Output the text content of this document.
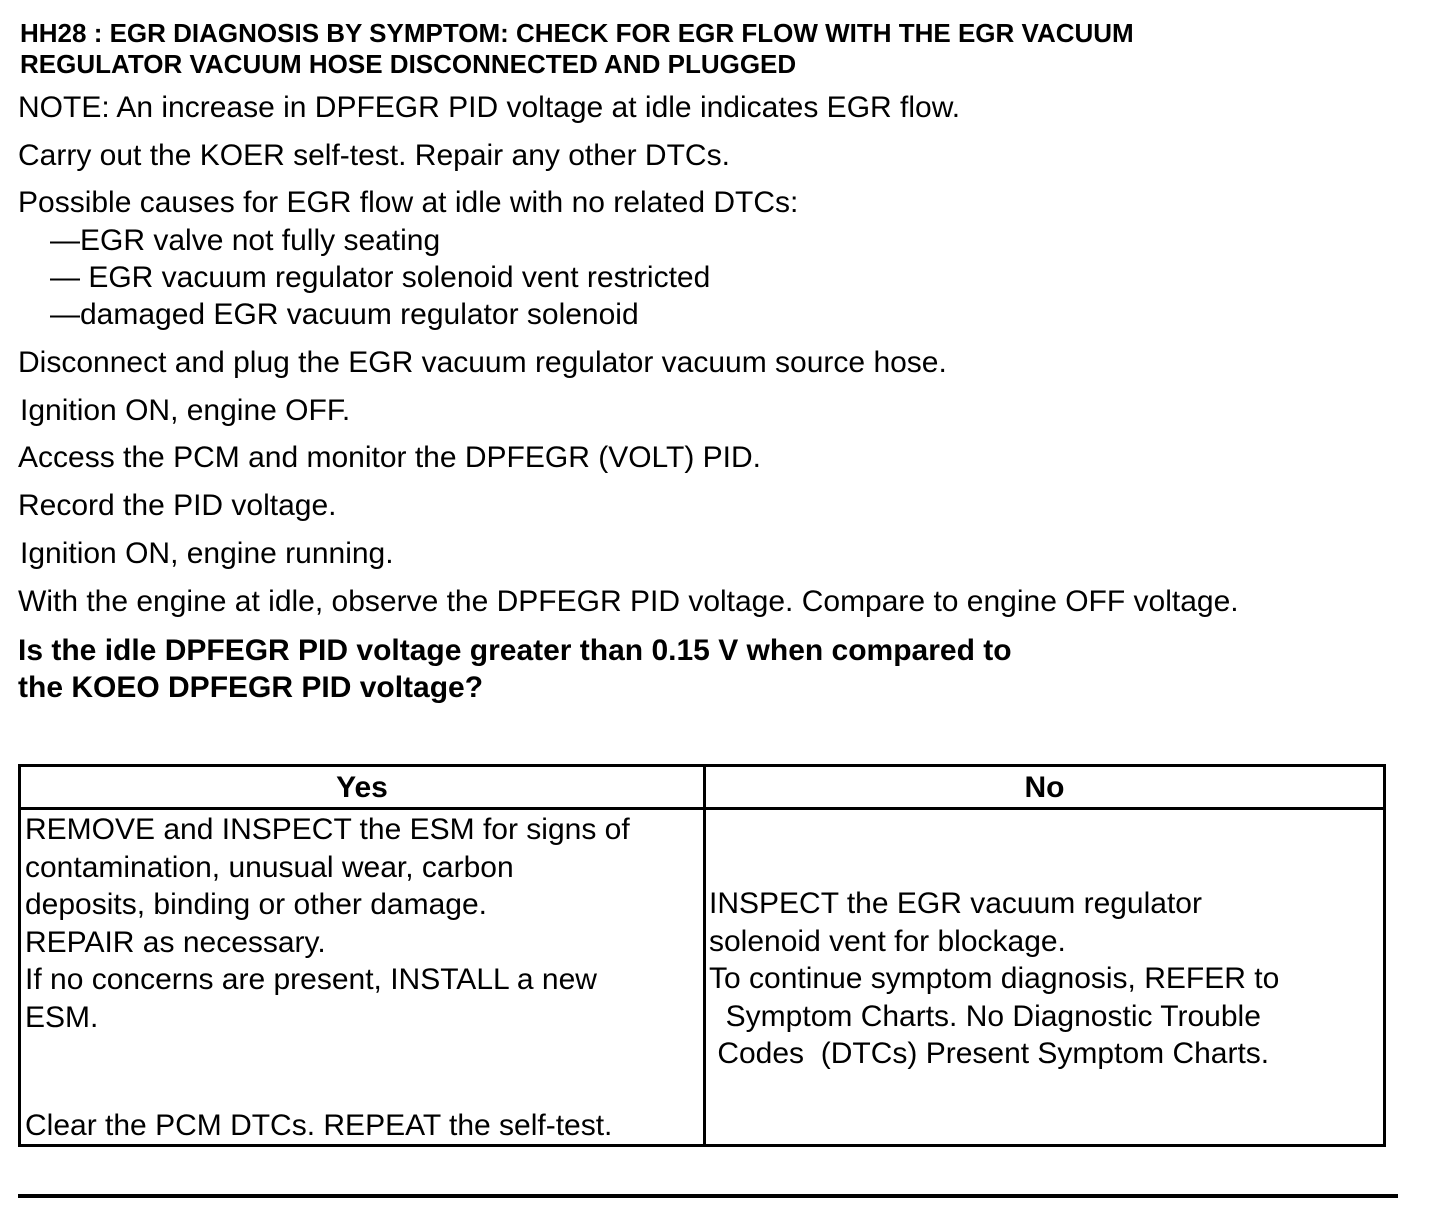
HH28 : EGR DIAGNOSIS BY SYMPTOM: CHECK FOR EGR FLOW WITH THE EGR VACUUM
REGULATOR VACUUM HOSE DISCONNECTED AND PLUGGED

NOTE: An increase in DPFEGR PID voltage at idle indicates EGR flow.

Carry out the KOER self-test. Repair any other DTCs.

Possible causes for EGR flow at idle with no related DTCs:

—EGR valve not fully seating

— EGR vacuum regulator solenoid vent restricted

—damaged EGR vacuum regulator solenoid

Disconnect and plug the EGR vacuum regulator vacuum source hose.

Ignition ON, engine OFF.

Access the PCM and monitor the DPFEGR (VOLT) PID.

Record the PID voltage.

Ignition ON, engine running.

With the engine at idle, observe the DPFEGR PID voltage. Compare to engine OFF voltage.

Is the idle DPFEGR PID voltage greater than 0.15 V when compared to
the KOEO DPFEGR PID voltage?
Yes	No
REMOVE and INSPECT the ESM for signs of
contamination, unusual wear, carbon
deposits, binding or other damage.
REPAIR as necessary.
If no concerns are present, INSTALL a new
ESM.
Clear the PCM DTCs. REPEAT the self-test.
INSPECT the EGR vacuum regulator
solenoid vent for blockage.
To continue symptom diagnosis, REFER to
Symptom Charts. No Diagnostic Trouble
Codes  (DTCs) Present Symptom Charts.
